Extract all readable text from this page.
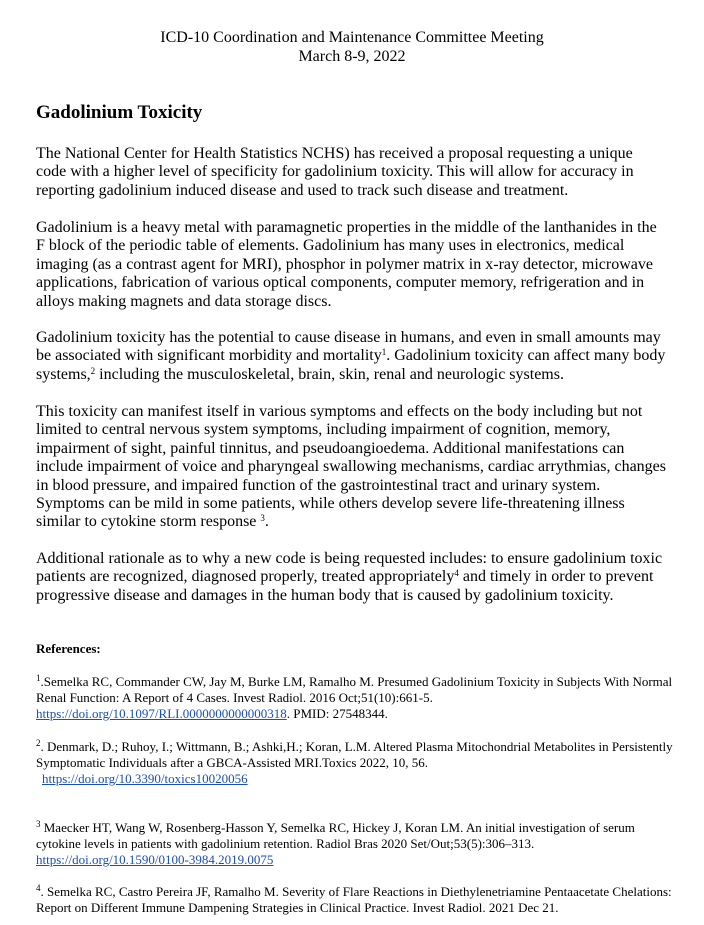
ICD-10 Coordination and Maintenance Committee Meeting
March 8-9, 2022
Gadolinium Toxicity

The National Center for Health Statistics NCHS) has received a proposal requesting a unique code with a higher level of specificity for gadolinium toxicity. This will allow for accuracy in reporting gadolinium induced disease and used to track such disease and treatment.

Gadolinium is a heavy metal with paramagnetic properties in the middle of the lanthanides in the F block of the periodic table of elements. Gadolinium has many uses in electronics, medical imaging (as a contrast agent for MRI), phosphor in polymer matrix in x-ray detector, microwave applications, fabrication of various optical components, computer memory, refrigeration and in alloys making magnets and data storage discs.

Gadolinium toxicity has the potential to cause disease in humans, and even in small amounts may be associated with significant morbidity and mortality$^1$. Gadolinium toxicity can affect many body systems,$^2$ including the musculoskeletal, brain, skin, renal and neurologic systems.

This toxicity can manifest itself in various symptoms and effects on the body including but not limited to central nervous system symptoms, including impairment of cognition, memory, impairment of sight, painful tinnitus, and pseudoangioedema. Additional manifestations can include impairment of voice and pharyngeal swallowing mechanisms, cardiac arrythmias, changes in blood pressure, and impaired function of the gastrointestinal tract and urinary system. Symptoms can be mild in some patients, while others develop severe life-threatening illness similar to cytokine storm response $^3$.

Additional rationale as to why a new code is being requested includes: to ensure gadolinium toxic patients are recognized, diagnosed properly, treated appropriately$^4$ and timely in order to prevent progressive disease and damages in the human body that is caused by gadolinium toxicity.

References:
$^1$.Semelka RC, Commander CW, Jay M, Burke LM, Ramalho M. Presumed Gadolinium Toxicity in Subjects With Normal Renal Function: A Report of 4 Cases. Invest Radiol. 2016 Oct;51(10):661-5.
https://doi.org/10.1097/RLI.0000000000000318. PMID: 27548344.
$^2$. Denmark, D.; Ruhoy, I.; Wittmann, B.; Ashki,H.; Koran, L.M. Altered Plasma Mitochondrial Metabolites in Persistently Symptomatic Individuals after a GBCA-Assisted MRI.Toxics 2022, 10, 56.
https://doi.org/10.3390/toxics10020056
$^3$ Maecker HT, Wang W, Rosenberg-Hasson Y, Semelka RC, Hickey J, Koran LM. An initial investigation of serum cytokine levels in patients with gadolinium retention. Radiol Bras 2020 Set/Out;53(5):306–313.
https://doi.org/10.1590/0100-3984.2019.0075
$^4$. Semelka RC, Castro Pereira JF, Ramalho M. Severity of Flare Reactions in Diethylenetriamine Pentaacetate Chelations: Report on Different Immune Dampening Strategies in Clinical Practice. Invest Radiol. 2021 Dec 21.
